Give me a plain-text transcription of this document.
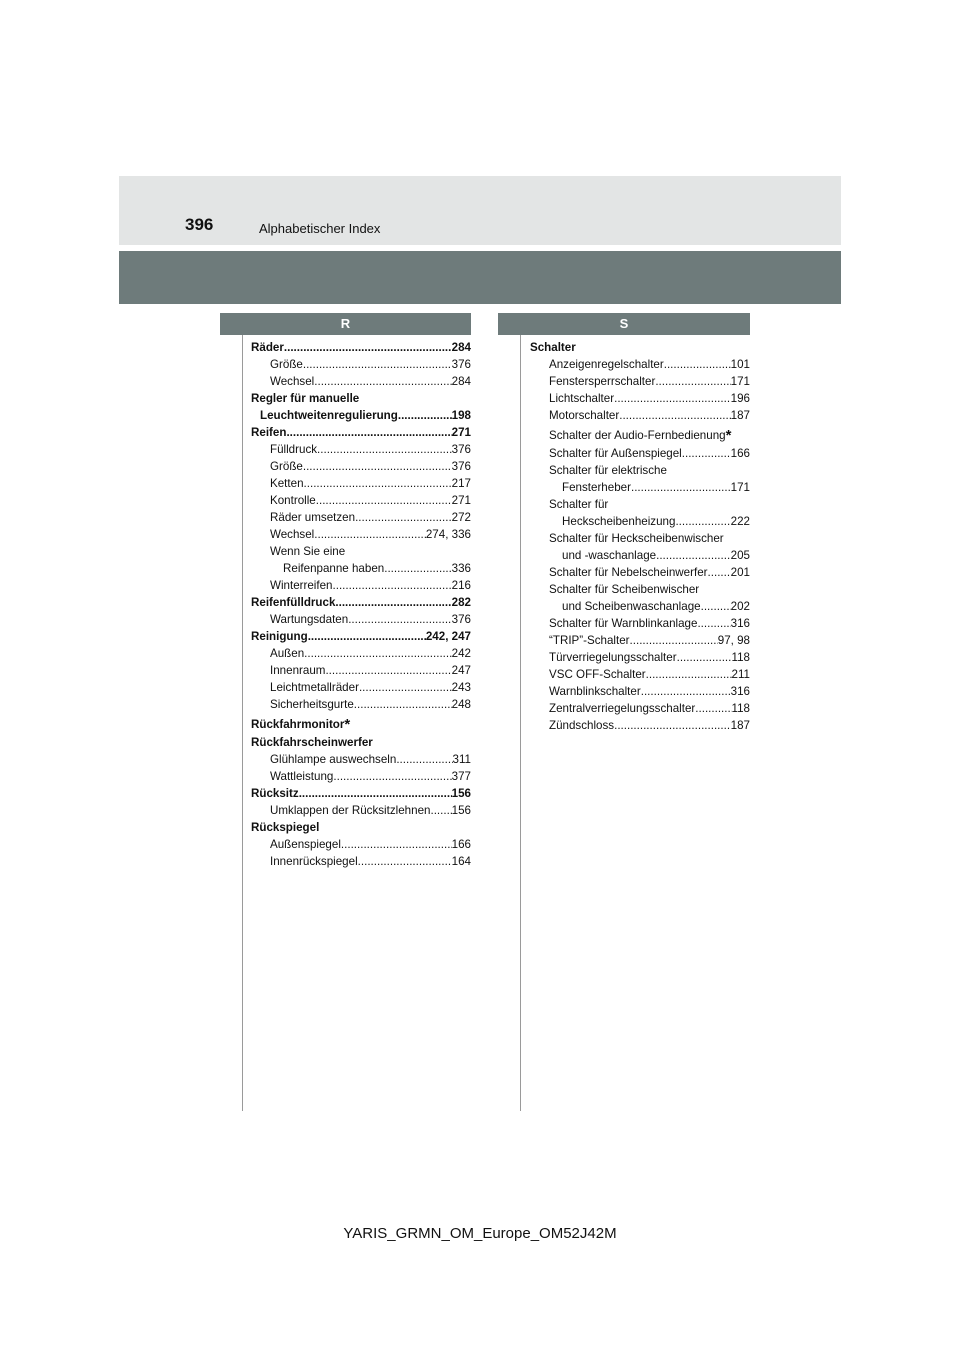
396	Alphabetischer Index
R	S
Räder .....	284
Größe .....	376
Wechsel .....	284
Regler für manuelle
Leuchtweitenregulierung .....	198
Reifen .....	271
Fülldruck .....	376
Größe .....	376
Ketten .....	217
Kontrolle .....	271
Räder umsetzen .....	272
Wechsel .....	274, 336
Wenn Sie eine
Reifenpanne haben .....	336
Winterreifen .....	216
Reifenfülldruck .....	282
Wartungsdaten .....	376
Reinigung .....	242, 247
Außen .....	242
Innenraum .....	247
Leichtmetallräder .....	243
Sicherheitsgurte .....	248
Rückfahrmonitor *
Rückfahrscheinwerfer
Glühlampe auswechseln .....	311
Wattleistung .....	377
Rücksitz .....	156
Umklappen der Rücksitzlehnen ..... 156
Rückspiegel
Außenspiegel .....	166
Innenrückspiegel .....	164
Schalter
Anzeigenregelschalter .....	101
Fenstersperrschalter .....	171
Lichtschalter .....	196
Motorschalter .....	187
Schalter der Audio-Fernbedienung *
Schalter für Außenspiegel .....	166
Schalter für elektrische
Fensterheber .....	171
Schalter für
Heckscheibenheizung .....	222
Schalter für Heckscheibenwischer
und -waschanlage .....	205
Schalter für Nebelscheinwerfer ..... 201
Schalter für Scheibenwischer
und Scheibenwaschanlage .....	202
Schalter für Warnblinkanlage .....	316
“TRIP”-Schalter .....	97, 98
Türverriegelungsschalter .....	118
VSC OFF-Schalter .....	211
Warnblinkschalter .....	316
Zentralverriegelungsschalter .....	118
Zündschloss .....	187
YARIS_GRMN_OM_Europe_OM52J42M
